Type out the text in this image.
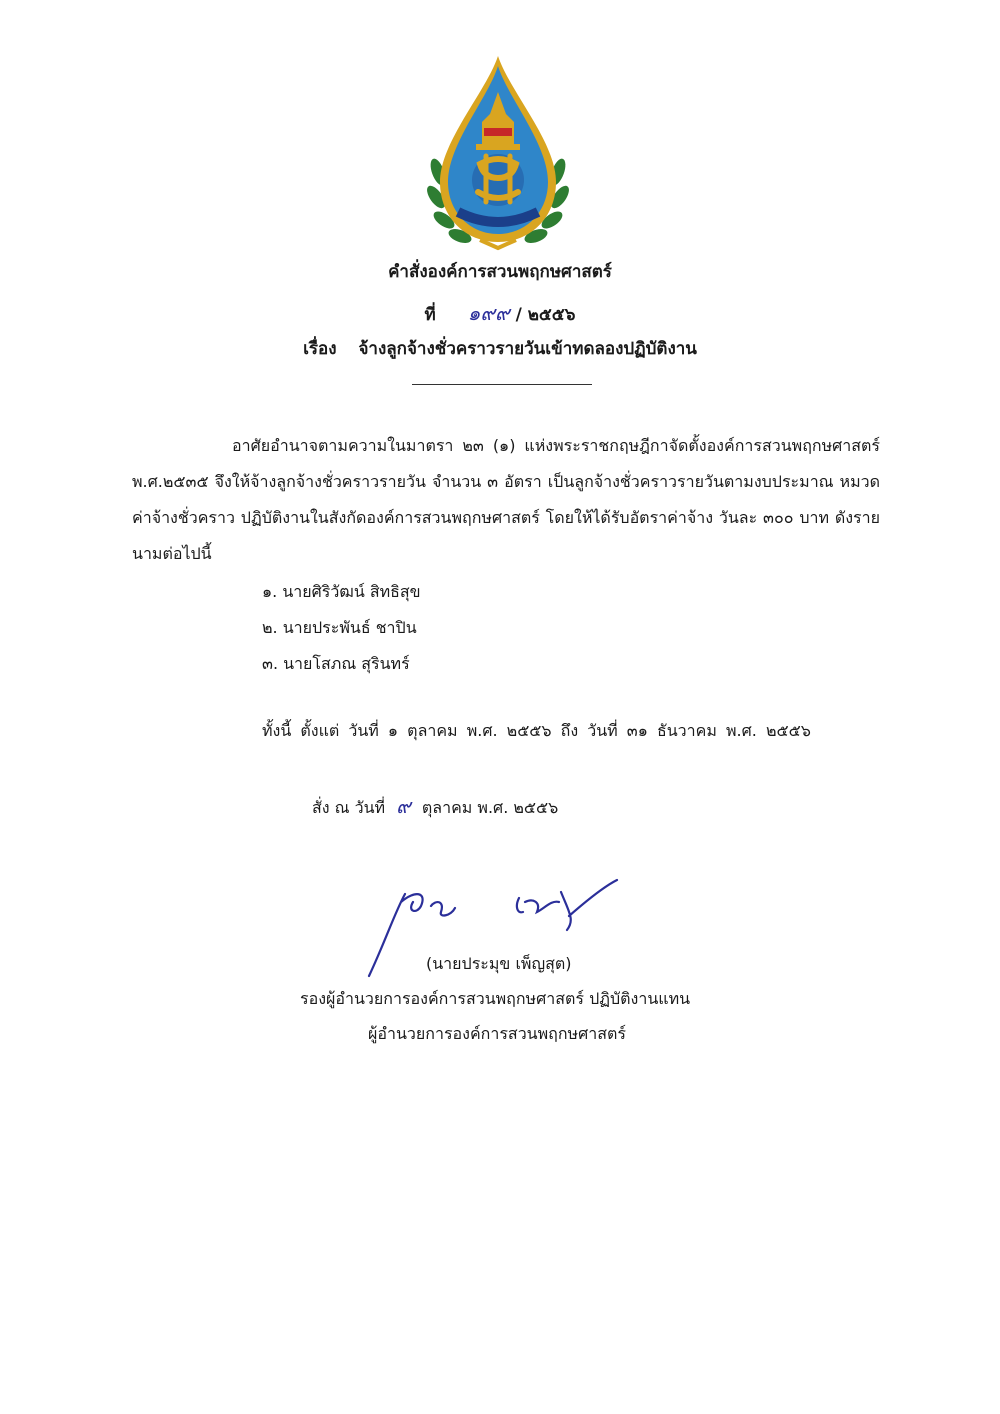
คำสั่งองค์การสวนพฤกษศาสตร์
ที่ ๑๙๙ / ๒๕๕๖
เรื่อง จ้างลูกจ้างชั่วคราวรายวันเข้าทดลองปฏิบัติงาน
อาศัยอำนาจตามความในมาตรา ๒๓ (๑) แห่งพระราชกฤษฎีกาจัดตั้งองค์การสวนพฤกษศาสตร์ พ.ศ.๒๕๓๕ จึงให้จ้างลูกจ้างชั่วคราวรายวัน จำนวน ๓ อัตรา เป็นลูกจ้างชั่วคราวรายวันตามงบประมาณ หมวดค่าจ้างชั่วคราว ปฏิบัติงานในสังกัดองค์การสวนพฤกษศาสตร์ โดยให้ได้รับอัตราค่าจ้าง วันละ ๓๐๐ บาท ดังรายนามต่อไปนี้
๑. นายศิริวัฒน์ สิทธิสุข
๒. นายประพันธ์ ชาปิน
๓. นายโสภณ สุรินทร์
ทั้งนี้ ตั้งแต่ วันที่ ๑ ตุลาคม พ.ศ. ๒๕๕๖ ถึง วันที่ ๓๑ ธันวาคม พ.ศ. ๒๕๕๖
สั่ง ณ วันที่ ๙ ตุลาคม พ.ศ. ๒๕๕๖
(นายประมุข เพ็ญสุต)
รองผู้อำนวยการองค์การสวนพฤกษศาสตร์ ปฏิบัติงานแทน
ผู้อำนวยการองค์การสวนพฤกษศาสตร์
